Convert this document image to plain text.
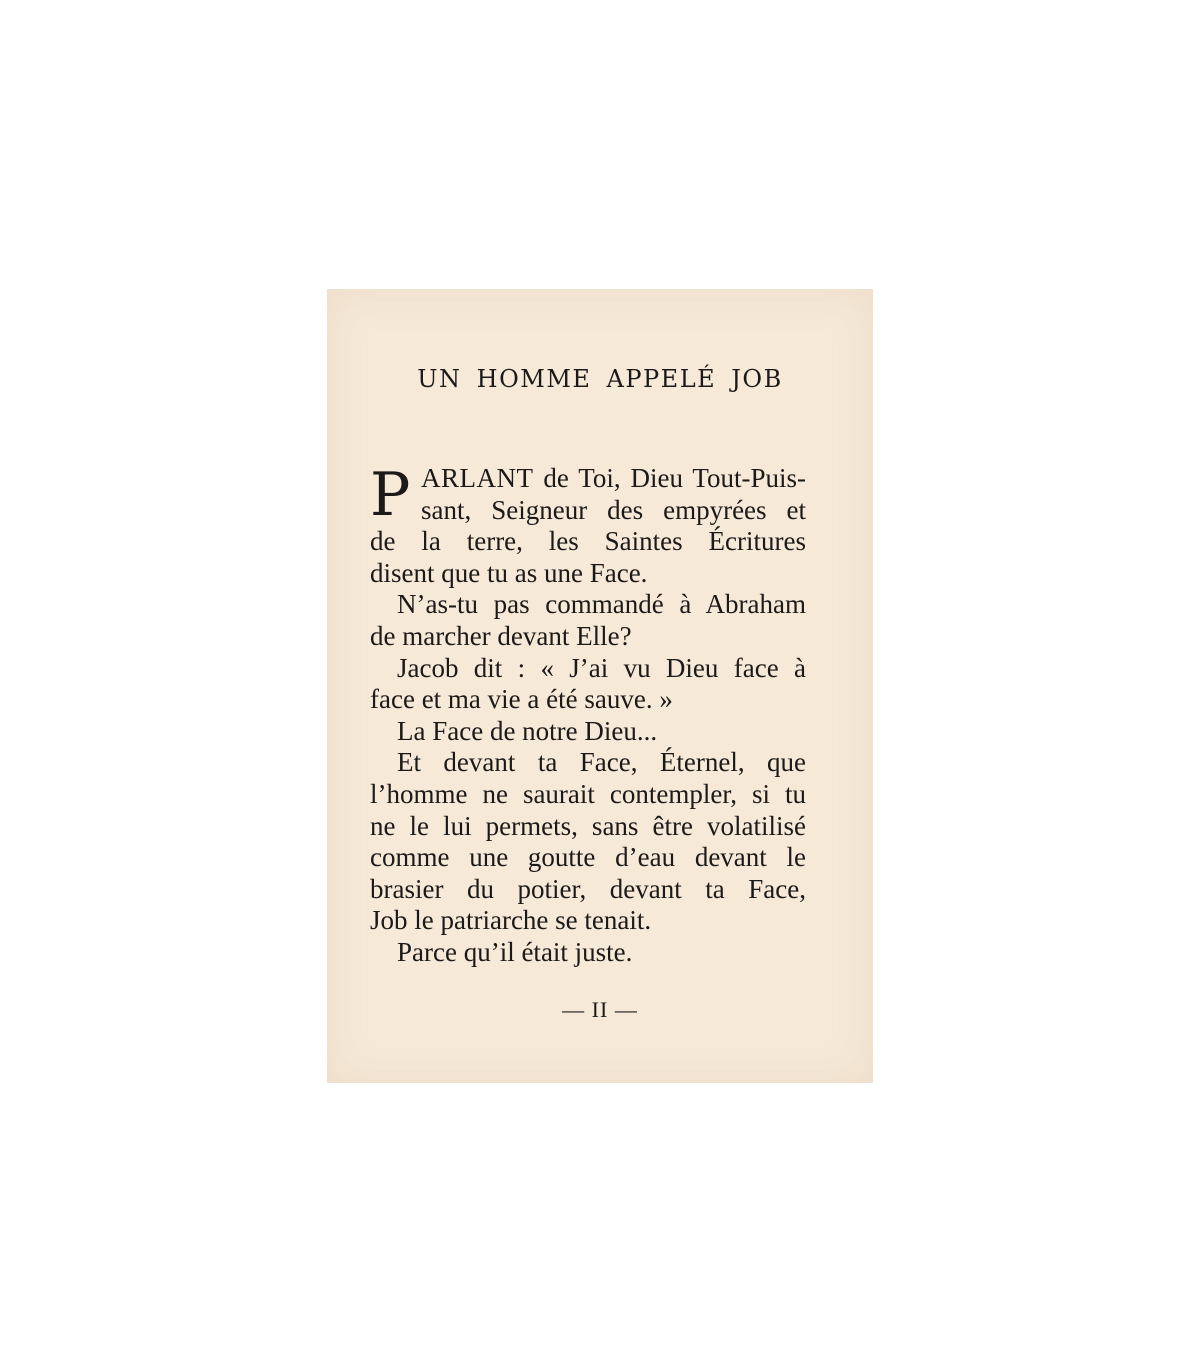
UN HOMME APPELÉ JOB
P ARLANT de Toi, Dieu Tout-Puis-
sant, Seigneur des empyrées et
de la terre, les Saintes Écritures
disent que tu as une Face.
N’as-tu pas commandé à Abraham
de marcher devant Elle?
Jacob dit : « J’ai vu Dieu face à
face et ma vie a été sauve. »
La Face de notre Dieu...
Et devant ta Face, Éternel, que
l’homme ne saurait contempler, si tu
ne le lui permets, sans être volatilisé
comme une goutte d’eau devant le
brasier du potier, devant ta Face,
Job le patriarche se tenait.
Parce qu’il était juste.
— II —
